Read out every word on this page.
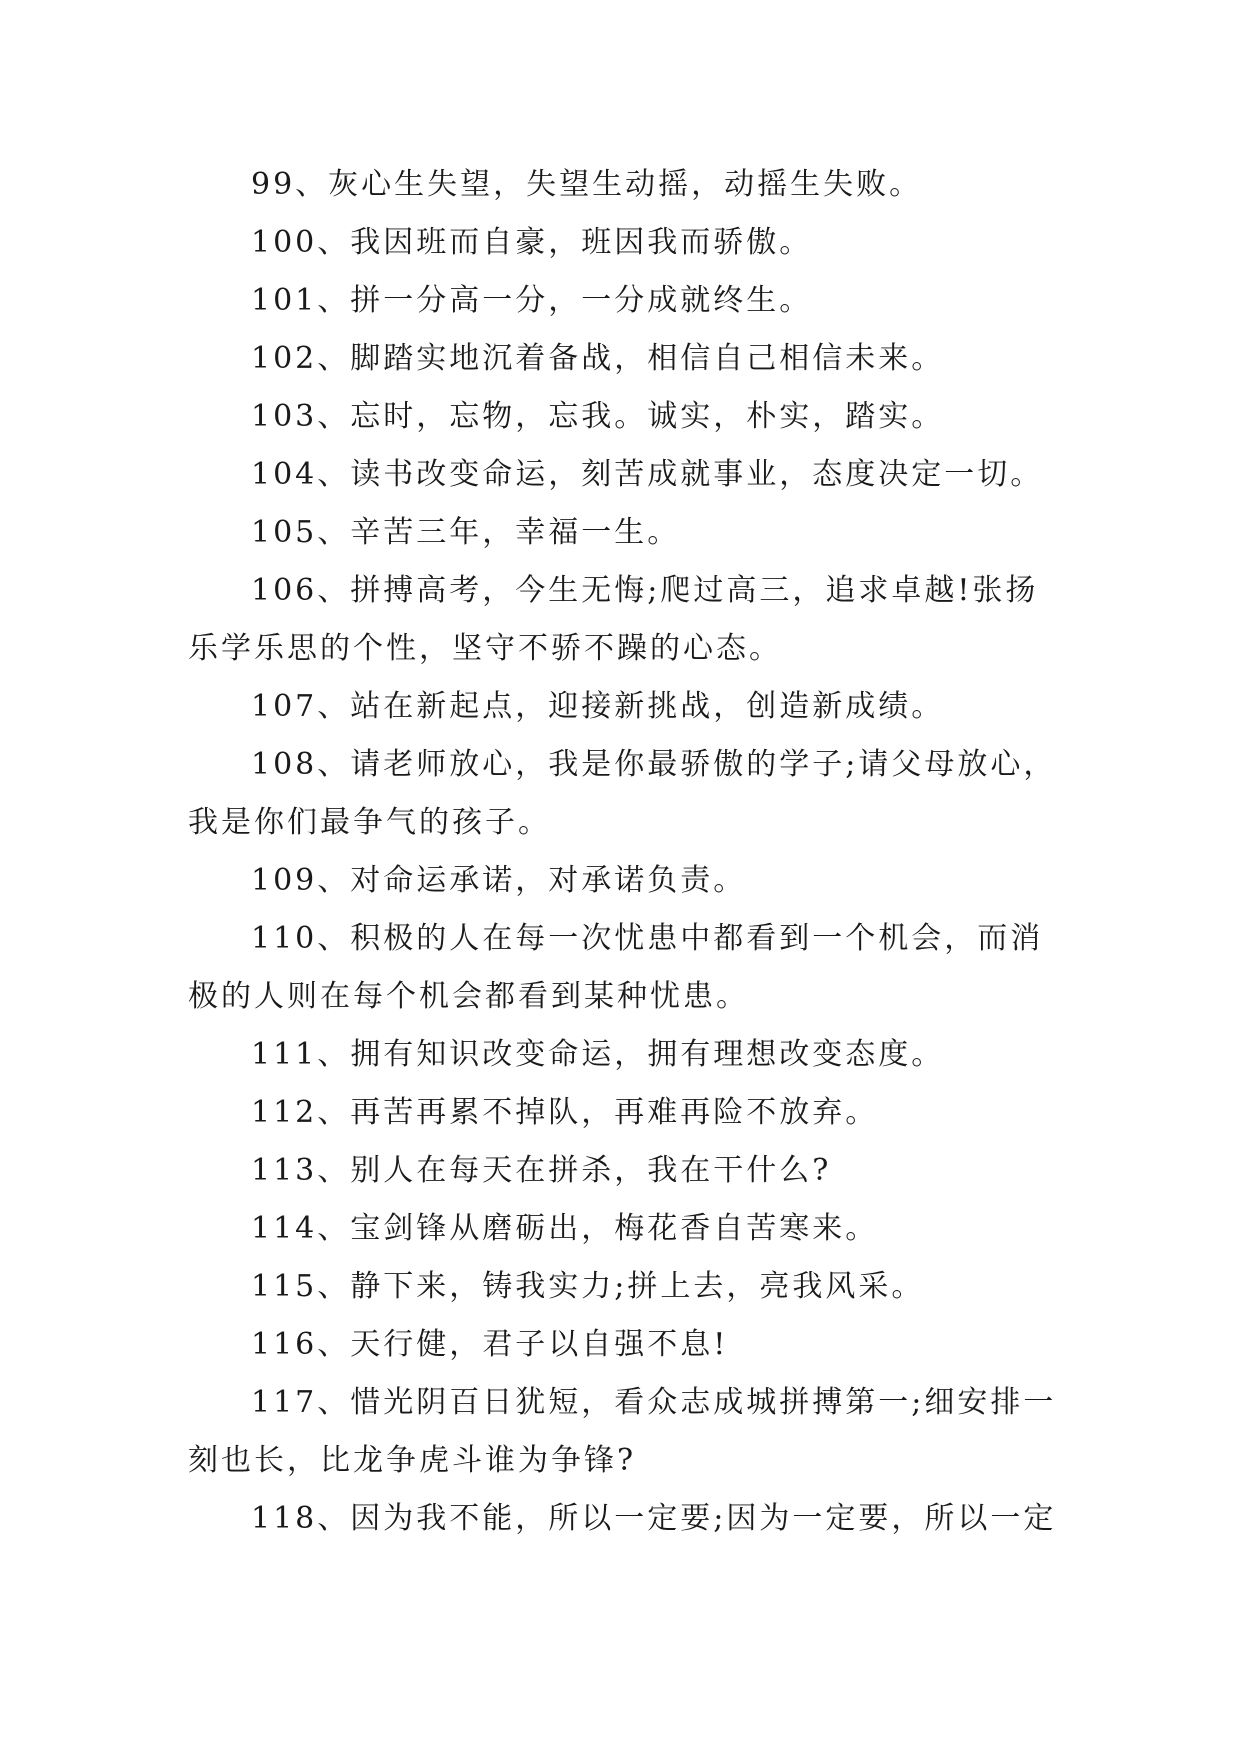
99、灰心生失望，失望生动摇，动摇生失败。

100、我因班而自豪，班因我而骄傲。

101、拼一分高一分，一分成就终生。

102、脚踏实地沉着备战，相信自己相信未来。

103、忘时，忘物，忘我。诚实，朴实，踏实。

104、读书改变命运，刻苦成就事业，态度决定一切。

105、辛苦三年，幸福一生。

106、拼搏高考，今生无悔;爬过高三，追求卓越!张扬乐学乐思的个性，坚守不骄不躁的心态。

107、站在新起点，迎接新挑战，创造新成绩。

108、请老师放心，我是你最骄傲的学子;请父母放心，我是你们最争气的孩子。

109、对命运承诺，对承诺负责。

110、积极的人在每一次忧患中都看到一个机会，而消极的人则在每个机会都看到某种忧患。

111、拥有知识改变命运，拥有理想改变态度。

112、再苦再累不掉队，再难再险不放弃。

113、别人在每天在拼杀，我在干什么?

114、宝剑锋从磨砺出，梅花香自苦寒来。

115、静下来，铸我实力;拼上去，亮我风采。

116、天行健，君子以自强不息!

117、惜光阴百日犹短，看众志成城拼搏第一;细安排一刻也长，比龙争虎斗谁为争锋?

118、因为我不能，所以一定要;因为一定要，所以一定
